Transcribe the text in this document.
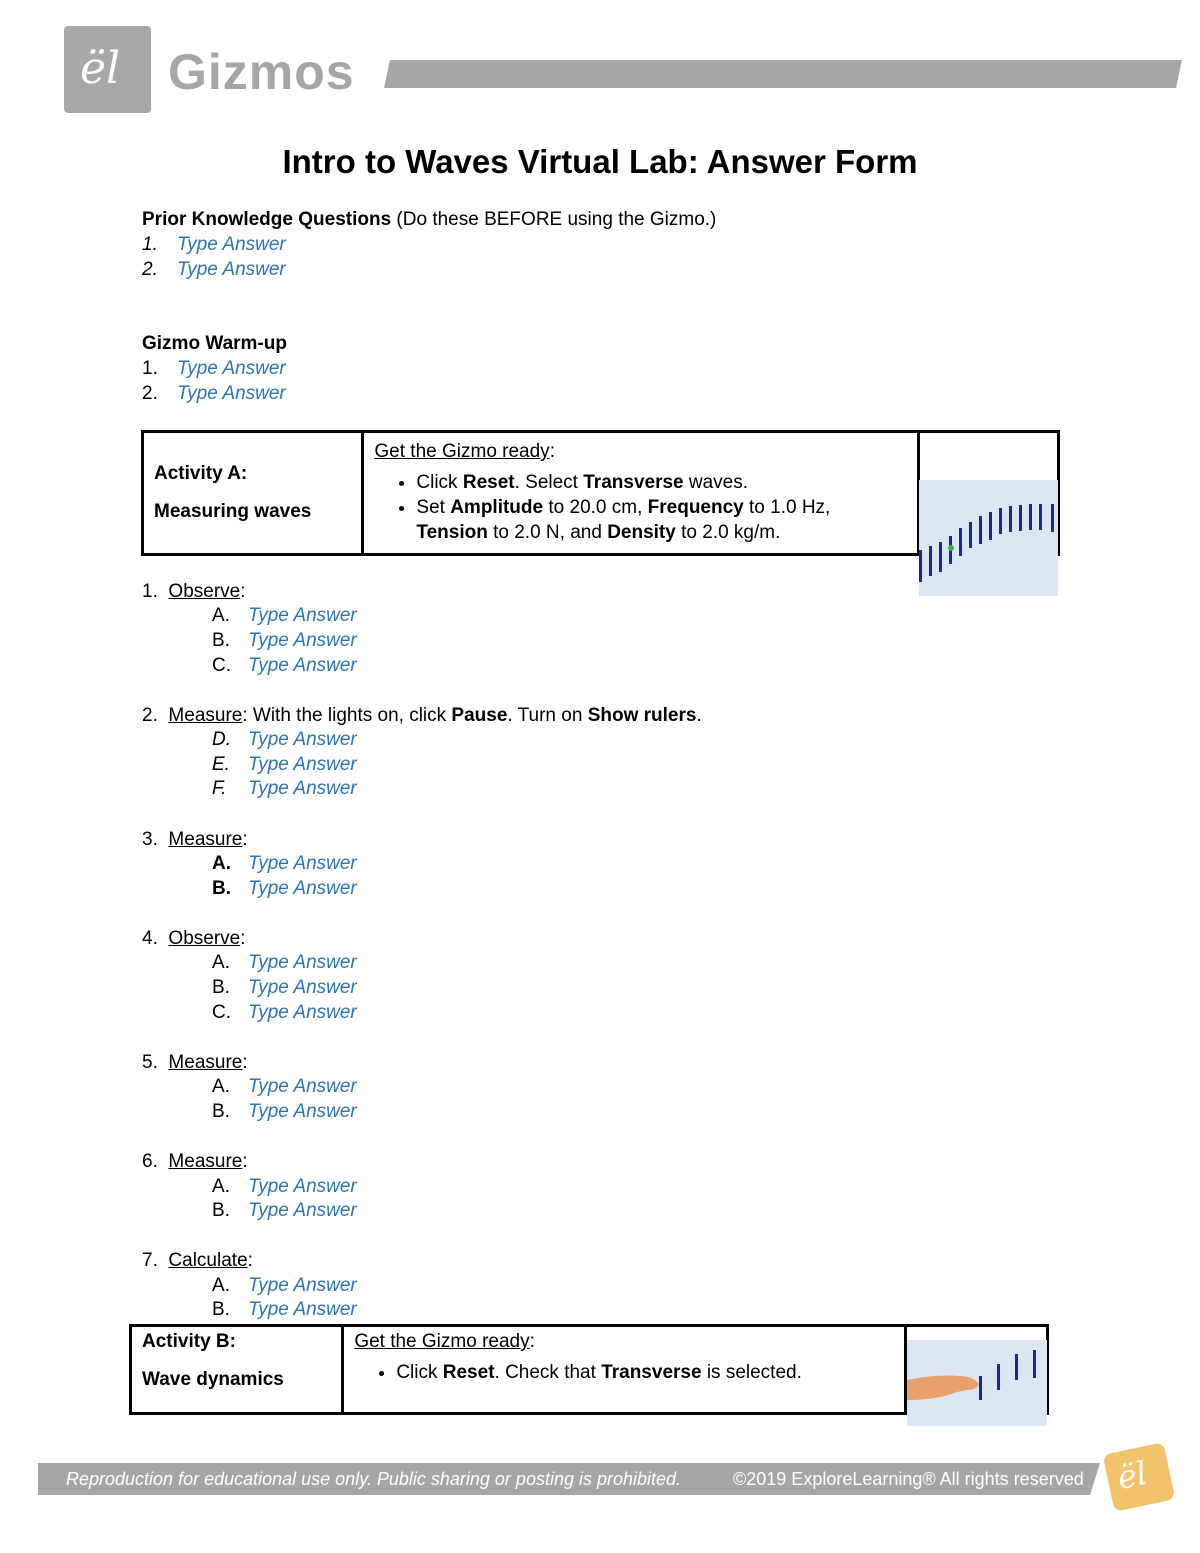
ël Gizmos
Intro to Waves Virtual Lab: Answer Form
Prior Knowledge Questions (Do these BEFORE using the Gizmo.)
1. Type Answer
2. Type Answer
Gizmo Warm-up
1. Type Answer
2. Type Answer
Activity A:
Measuring waves

Get the Gizmo ready:
• Click Reset. Select Transverse waves.
• Set Amplitude to 20.0 cm, Frequency to 1.0 Hz,
Tension to 2.0 N, and Density to 2.0 kg/m.

1. Observe:
A. Type Answer
B. Type Answer
C. Type Answer
2. Measure: With the lights on, click Pause. Turn on Show rulers.
D. Type Answer
E. Type Answer
F. Type Answer
3. Measure:
A. Type Answer
B. Type Answer
4. Observe:
A. Type Answer
B. Type Answer
C. Type Answer
5. Measure:
A. Type Answer
B. Type Answer
6. Measure:
A. Type Answer
B. Type Answer
7. Calculate:
A. Type Answer
B. Type Answer
Activity B:
Wave dynamics

Get the Gizmo ready:
• Click Reset. Check that Transverse is selected.

Reproduction for educational use only. Public sharing or posting is prohibited.	©2019 ExploreLearning® All rights reserved ël
